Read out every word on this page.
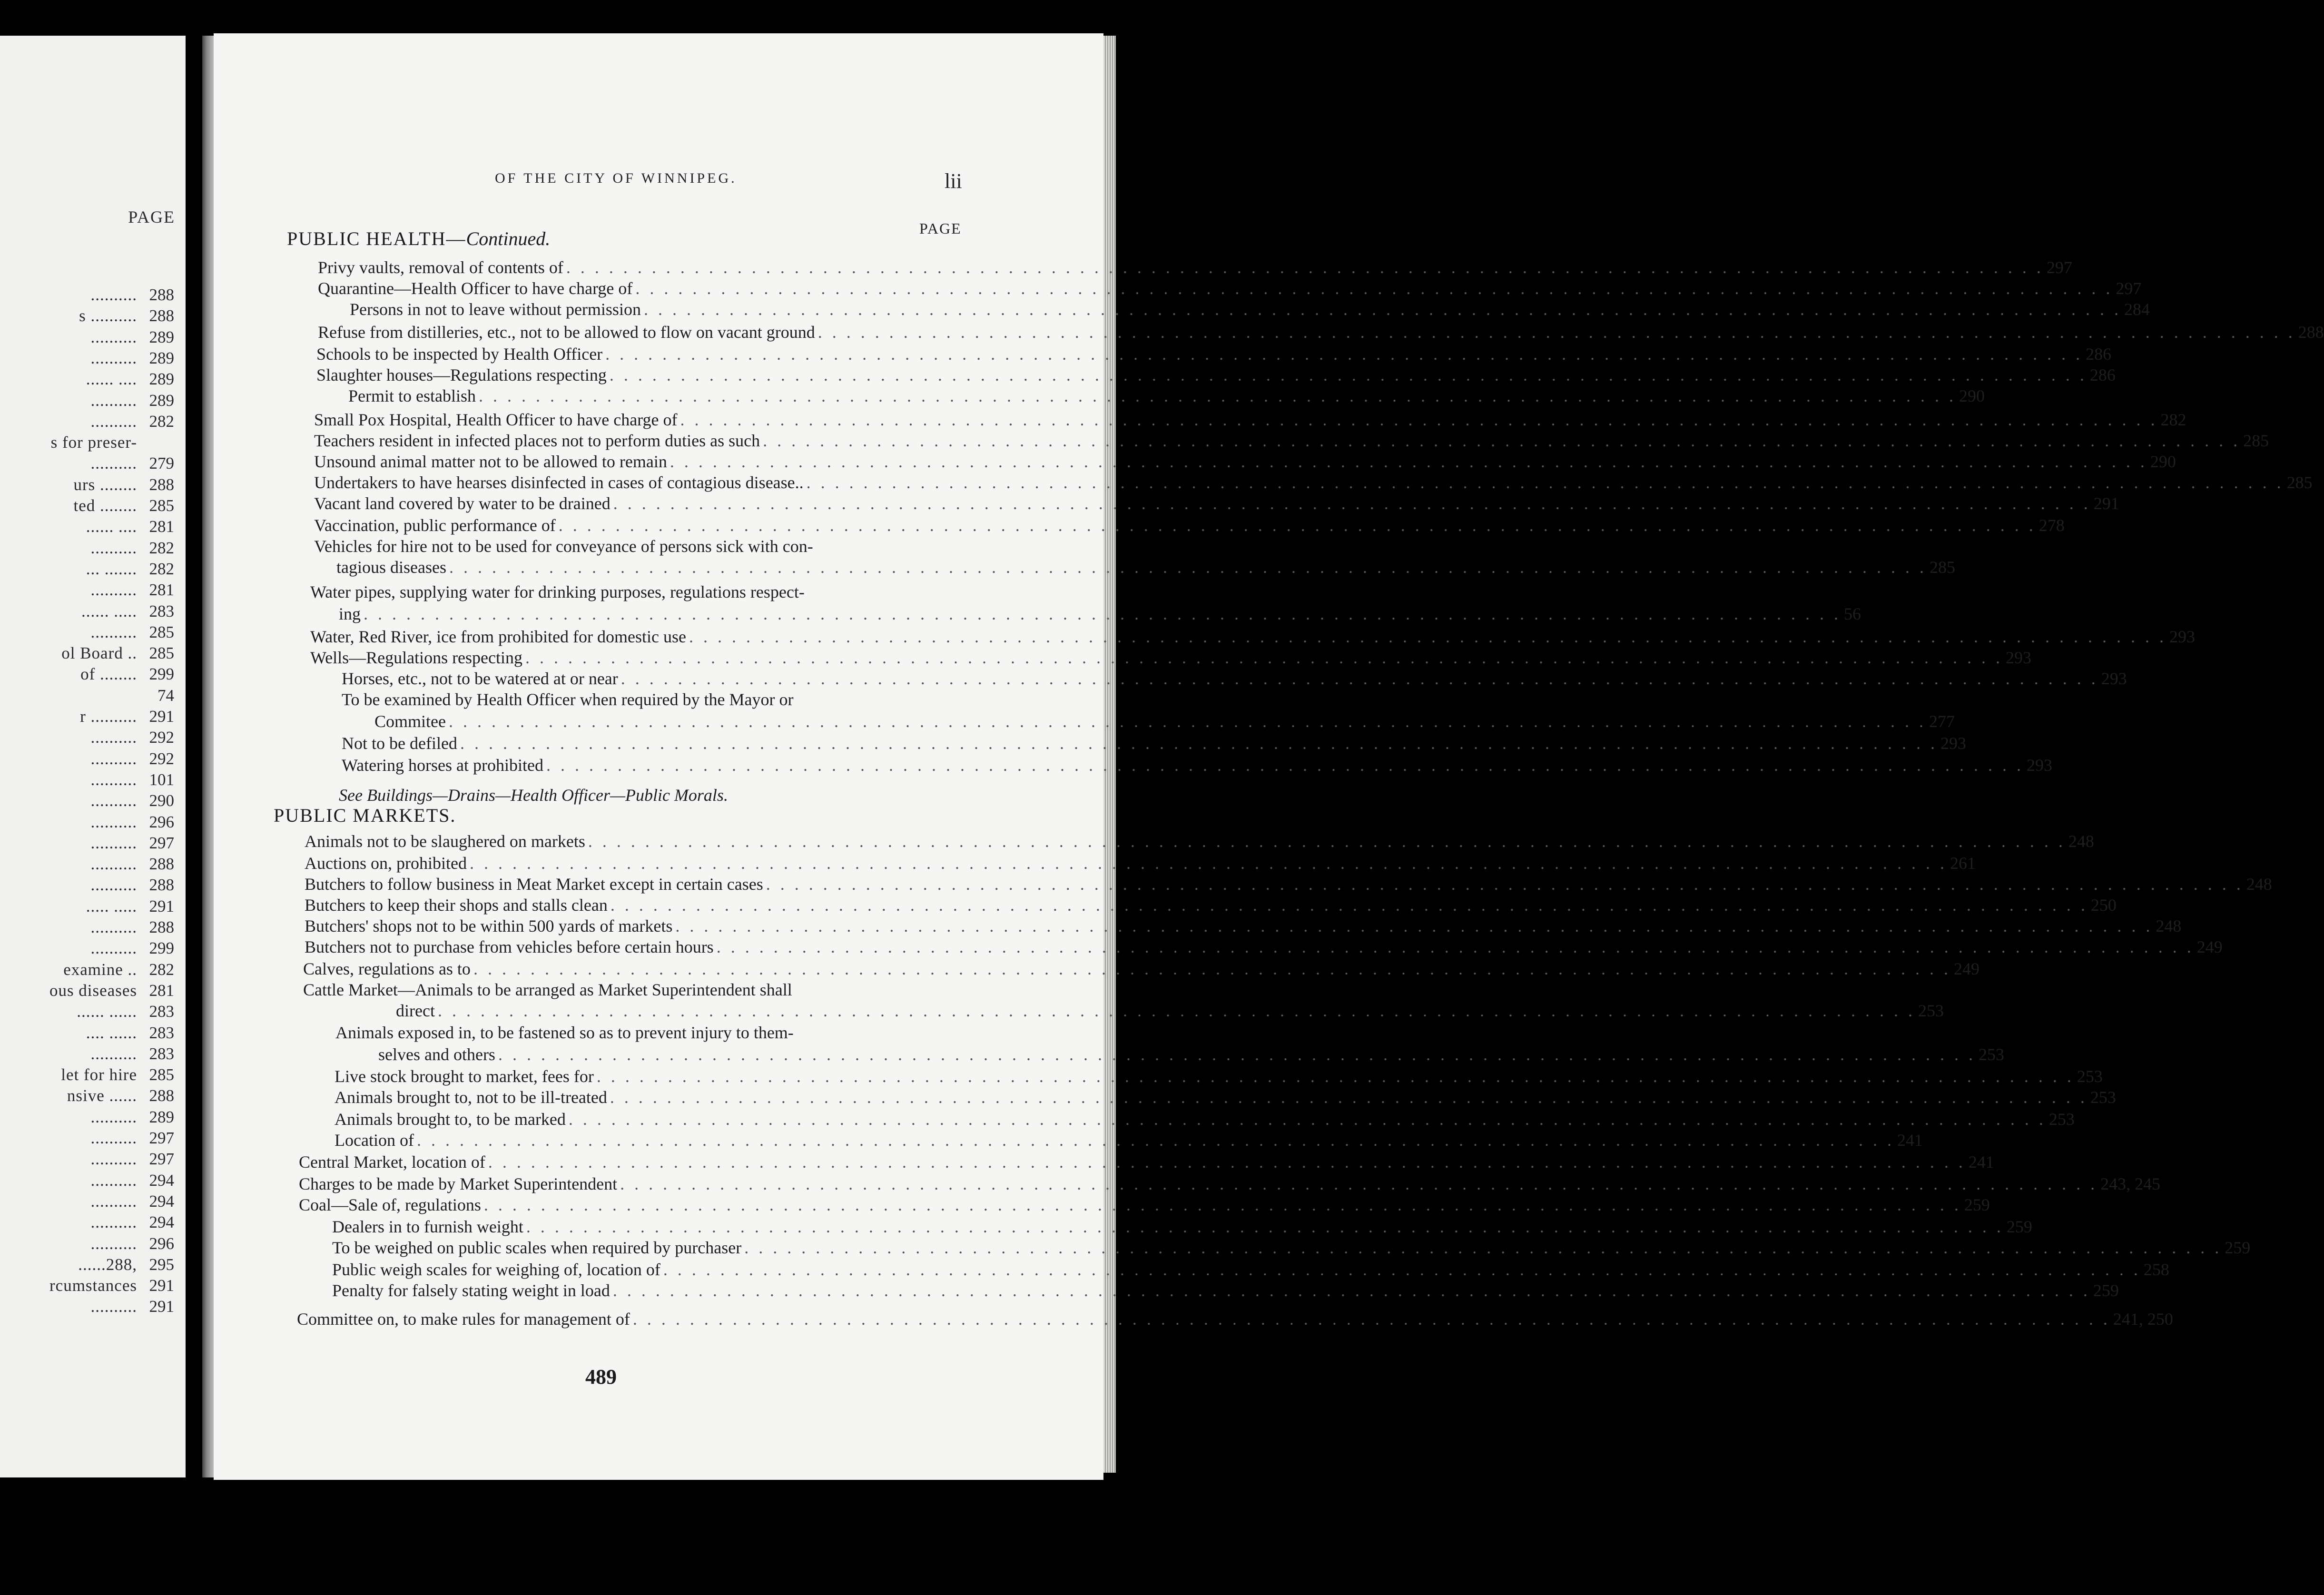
PAGE
.......... 288
s .......... 288
.......... 289
.......... 289
...... .... 289
.......... 289
.......... 282
s for preser-
.......... 279
urs ........ 288
ted ........ 285
...... .... 281
.......... 282
... ....... 282
.......... 281
...... ..... 283
.......... 285
ol Board .. 285
of ........ 299
74
r .......... 291
.......... 292
.......... 292
.......... 101
.......... 290
.......... 296
.......... 297
.......... 288
.......... 288
..... ..... 291
.......... 288
.......... 299
examine .. 282
ous diseases 281
...... ...... 283
.... ...... 283
.......... 283
let for hire 285
nsive ...... 288
.......... 289
.......... 297
.......... 297
.......... 294
.......... 294
.......... 294
.......... 296
......288, 295
rcumstances 291
.......... 291
OF THE CITY OF WINNIPEG.	lii
PAGE
PUBLIC HEALTH—Continued.
Privy vaults, removal of contents of . . .	297
Quarantine—Health Officer to have charge of . . .	297
Persons in not to leave without permission . . .	284
Refuse from distilleries, etc., not to be allowed to flow on vacant ground . . .	288
Schools to be inspected by Health Officer . . .	286
Slaughter houses—Regulations respecting . . .	286
Permit to establish . . .	290
Small Pox Hospital, Health Officer to have charge of . . .	282
Teachers resident in infected places not to perform duties as such . . .	285
Unsound animal matter not to be allowed to remain . . .	290
Undertakers to have hearses disinfected in cases of contagious disease.. . . .	285
Vacant land covered by water to be drained . . .	291
Vaccination, public performance of . . .	278
Vehicles for hire not to be used for conveyance of persons sick with con-
tagious diseases . . .	285
Water pipes, supplying water for drinking purposes, regulations respect-
ing . . .	56
Water, Red River, ice from prohibited for domestic use . . .	293
Wells—Regulations respecting . . .	293
Horses, etc., not to be watered at or near . . .	293
To be examined by Health Officer when required by the Mayor or
Commitee . . .	277
Not to be defiled . . .	293
Watering horses at prohibited . . .	293
See Buildings—Drains—Health Officer—Public Morals.
PUBLIC MARKETS.
Animals not to be slaughered on markets . . .	248
Auctions on, prohibited . . .	261
Butchers to follow business in Meat Market except in certain cases . . .	248
Butchers to keep their shops and stalls clean . . .	250
Butchers' shops not to be within 500 yards of markets . . .	248
Butchers not to purchase from vehicles before certain hours . . .	249
Calves, regulations as to . . .	249
Cattle Market—Animals to be arranged as Market Superintendent shall
direct . . .	253
Animals exposed in, to be fastened so as to prevent injury to them-
selves and others . . .	253
Live stock brought to market, fees for . . .	253
Animals brought to, not to be ill-treated . . .	253
Animals brought to, to be marked . . .	253
Location of . . .	241
Central Market, location of . . .	241
Charges to be made by Market Superintendent . . .	243, 245
Coal—Sale of, regulations . . .	259
Dealers in to furnish weight . . .	259
To be weighed on public scales when required by purchaser . . .	259
Public weigh scales for weighing of, location of . . .	258
Penalty for falsely stating weight in load . . .	259
Committee on, to make rules for management of . . .	241, 250
489
